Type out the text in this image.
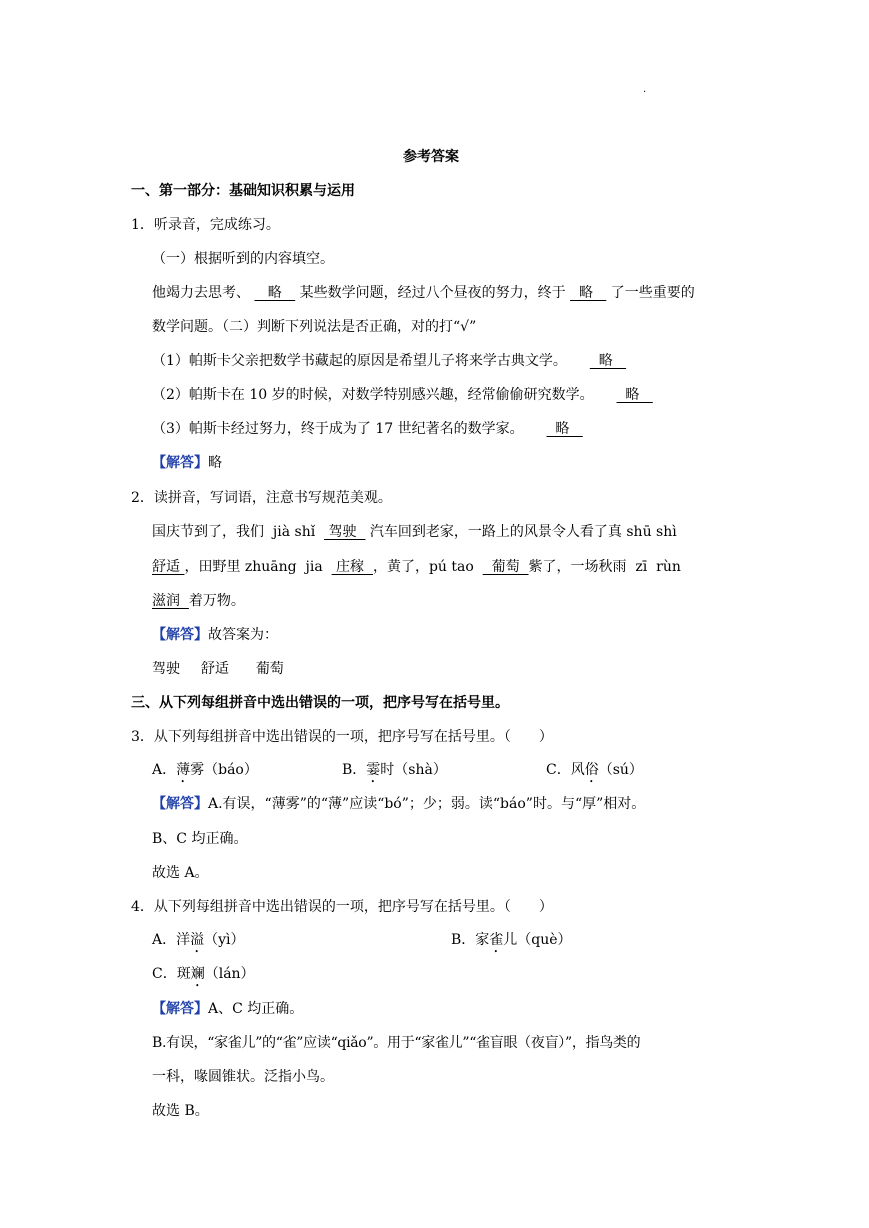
.
参考答案
一、第一部分：基础知识积累与运用
1．听录音，完成练习。
（一）根据听到的内容填空。
他竭力去思考、    略    某些数学问题，经过八个昼夜的努力，终于   略    了一些重要的
数学问题。（二）判断下列说法是否正确，对的打“√”
（1）帕斯卡父亲把数学书藏起的原因是希望儿子将来学古典文学。    略
（2）帕斯卡在 10 岁的时候，对数学特别感兴趣，经常偷偷研究数学。    略
（3）帕斯卡经过努力，终于成为了 17 世纪著名的数学家。    略
【解答】略
2．读拼音，写词语，注意书写规范美观。
国庆节到了，我们  jià shǐ   驾驶   汽车回到老家，一路上的风景令人看了真 shū shì
舒适 ，田野里 zhuāng  jia   庄稼  ，黄了，pú tao    葡萄  紫了，一场秋雨  zī  rùn
滋润  着万物。
【解答】故答案为：
驾驶 舒适 葡萄
三、从下列每组拼音中选出错误的一项，把序号写在括号里。
3．从下列每组拼音中选出错误的一项，把序号写在括号里。（　　）
A．薄雾（báo）	B．霎时（shà）	C．风俗（sú）
【解答】A.有误，“薄雾”的“薄”应读“bó”；少；弱。读“báo”时。与“厚”相对。
B、C 均正确。
故选 A。
4．从下列每组拼音中选出错误的一项，把序号写在括号里。（　　）
A．洋溢（yì）	B．家雀儿（què）
C．斑斓（lán）
【解答】A、C 均正确。
B.有误，“家雀儿”的“雀”应读“qiǎo”。用于“家雀儿”“雀盲眼（夜盲）”，指鸟类的
一科，喙圆锥状。泛指小鸟。
故选 B。
